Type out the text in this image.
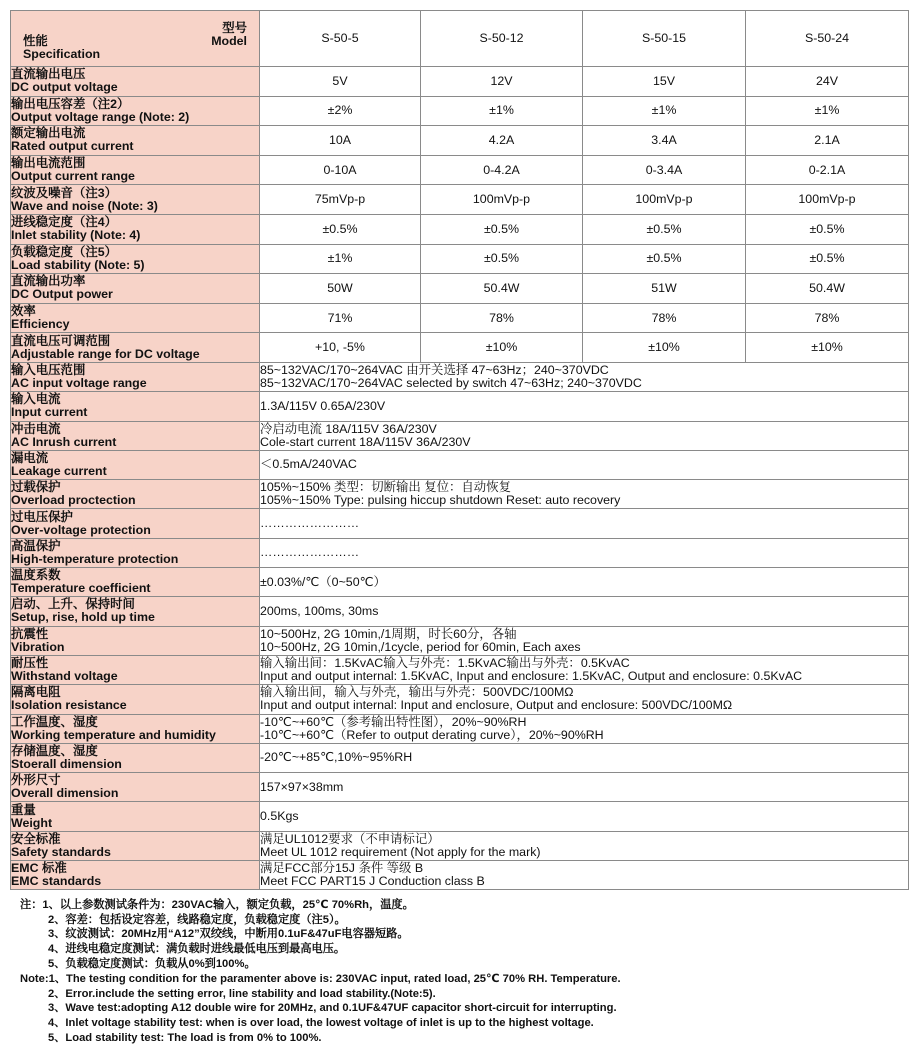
型号
Model
性能
Specification	S-50-5	S-50-12	S-50-15	S-50-24

直流输出电压
DC output voltage	5V	12V	15V	24V

输出电压容差（注2）
Output voltage range (Note: 2)	±2%	±1%	±1%	±1%

额定输出电流
Rated output current	10A	4.2A	3.4A	2.1A

输出电流范围
Output current range	0-10A	0-4.2A	0-3.4A	0-2.1A

纹波及噪音（注3）
Wave and noise (Note: 3)	75mVp-p	100mVp-p	100mVp-p	100mVp-p

进线稳定度（注4）
Inlet stability (Note: 4)	±0.5%	±0.5%	±0.5%	±0.5%

负载稳定度（注5）
Load stability (Note: 5)	±1%	±0.5%	±0.5%	±0.5%

直流输出功率
DC Output power	50W	50.4W	51W	50.4W

效率
Efficiency	71%	78%	78%	78%

直流电压可调范围
Adjustable range for DC voltage	+10, -5%	±10%	±10%	±10%

输入电压范围
AC input voltage range	85~132VAC/170~264VAC 由开关选择 47~63Hz；240~370VDC
85~132VAC/170~264VAC selected by switch 47~63Hz; 240~370VDC			

输入电流
Input current	1.3A/115V 0.65A/230V			

冲击电流
AC Inrush current	冷启动电流 18A/115V 36A/230V
Cole-start current 18A/115V 36A/230V			

漏电流
Leakage current	＜0.5mA/240VAC			

过载保护
Overload proctection	105%~150% 类型：切断输出 复位：自动恢复
105%~150% Type: pulsing hiccup shutdown Reset: auto recovery			

过电压保护
Over-voltage protection	……………………			

高温保护
High-temperature protection	……………………			

温度系数
Temperature coefficient	±0.03%/℃（0~50℃）			

启动、上升、保持时间
Setup, rise, hold up time	200ms, 100ms, 30ms			

抗震性
Vibration	10~500Hz, 2G 10min,/1周期，时长60分，各轴
10~500Hz, 2G 10min,/1cycle, period for 60min, Each axes			

耐压性
Withstand voltage	输入输出间：1.5KvAC输入与外壳：1.5KvAC输出与外壳：0.5KvAC
Input and output internal: 1.5KvAC, Input and enclosure: 1.5KvAC, Output and enclosure: 0.5KvAC			

隔离电阻
Isolation resistance	输入输出间，输入与外壳，输出与外壳：500VDC/100MΩ
Input and output internal: Input and enclosure, Output and enclosure: 500VDC/100MΩ			

工作温度、湿度
Working temperature and humidity	-10℃~+60℃（参考输出特性图），20%~90%RH
-10℃~+60℃（Refer to output derating curve），20%~90%RH			

存储温度、湿度
Stoerall dimension	-20℃~+85℃,10%~95%RH			

外形尺寸
Overall dimension	157×97×38mm			

重量
Weight	0.5Kgs			

安全标准
Safety standards	满足UL1012要求（不申请标记）
Meet UL 1012 requirement (Not apply for the mark)			

EMC 标准
EMC standards	满足FCC部分15J 条件 等级 B
Meet FCC PART15 J Conduction class B			
注：1、以上参数测试条件为：230VAC输入，额定负载，25℃ 70%Rh，温度。
2、容差：包括设定容差，线路稳定度，负载稳定度（注5）。
3、纹波测试：20MHz用“A12”双绞线，中断用0.1uF&47uF电容器短路。
4、进线电稳定度测试：满负载时进线最低电压到最高电压。
5、负载稳定度测试：负载从0%到100%。
Note:1、The testing condition for the paramenter above is: 230VAC input, rated load, 25℃ 70% RH. Temperature.
2、Error.include the setting error, line stability and load stability.(Note:5).
3、Wave test:adopting A12 double wire for 20MHz, and 0.1UF&47UF capacitor short-circuit for interrupting.
4、Inlet voltage stability test: when is over load, the lowest voltage of inlet is up to the highest voltage.
5、Load stability test: The load is from 0% to 100%.
